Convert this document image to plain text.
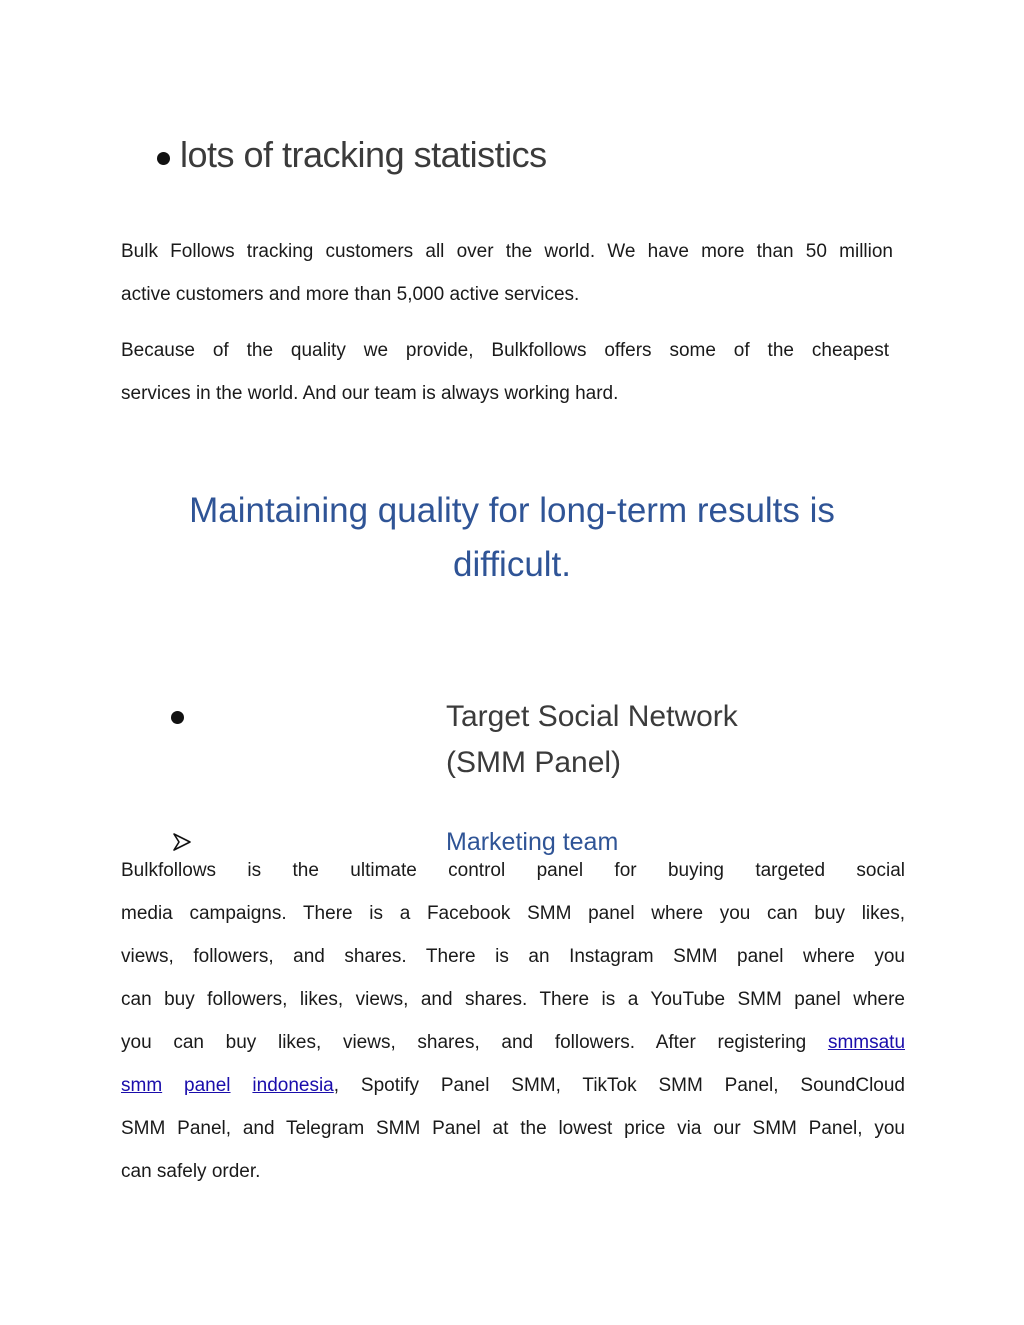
lots of tracking statistics

Bulk Follows tracking customers all over the world. We have more than 50 million

active customers and more than 5,000 active services.

Because of the quality we provide, Bulkfollows offers some of the cheapest

services in the world. And our team is always working hard.

Maintaining quality for long-term results is
difficult.
Target Social Network
(SMM Panel)
Marketing team

Bulkfollows is the ultimate control panel for buying targeted social

media campaigns. There is a Facebook SMM panel where you can buy likes,

views, followers, and shares. There is an Instagram SMM panel where you

can buy followers, likes, views, and shares. There is a YouTube SMM panel where

you can buy likes, views, shares, and followers. After registering smmsatu

smm panel indonesia, Spotify Panel SMM, TikTok SMM Panel, SoundCloud

SMM Panel, and Telegram SMM Panel at the lowest price via our SMM Panel, you

can safely order.
